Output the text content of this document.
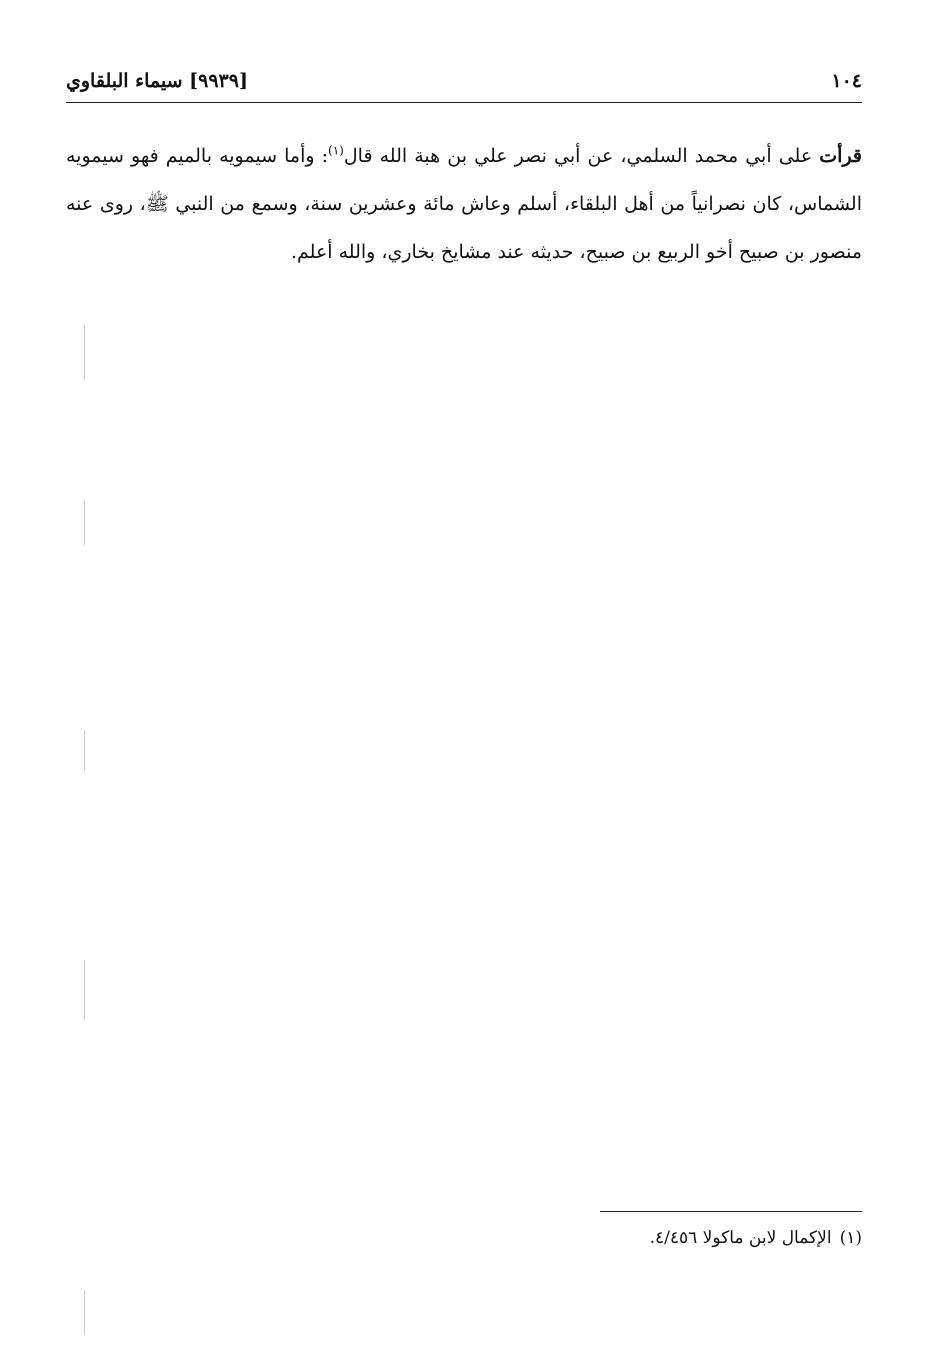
١٠٤
[٩٩٣٩] سيماء البلقاوي
قرأت على أبي محمد السلمي، عن أبي نصر علي بن هبة الله قال$^{(١)}$: وأما سيمويه بالميم فهو سيمويه الشماس، كان نصرانياً من أهل البلقاء، أسلم وعاش مائة وعشرين سنة، وسمع من النبي ﷺ، روى عنه منصور بن صبيح أخو الربيع بن صبيح، حديثه عند مشايخ بخاري، والله أعلم.
(١)الإكمال لابن ماكولا ٤/٤٥٦.
